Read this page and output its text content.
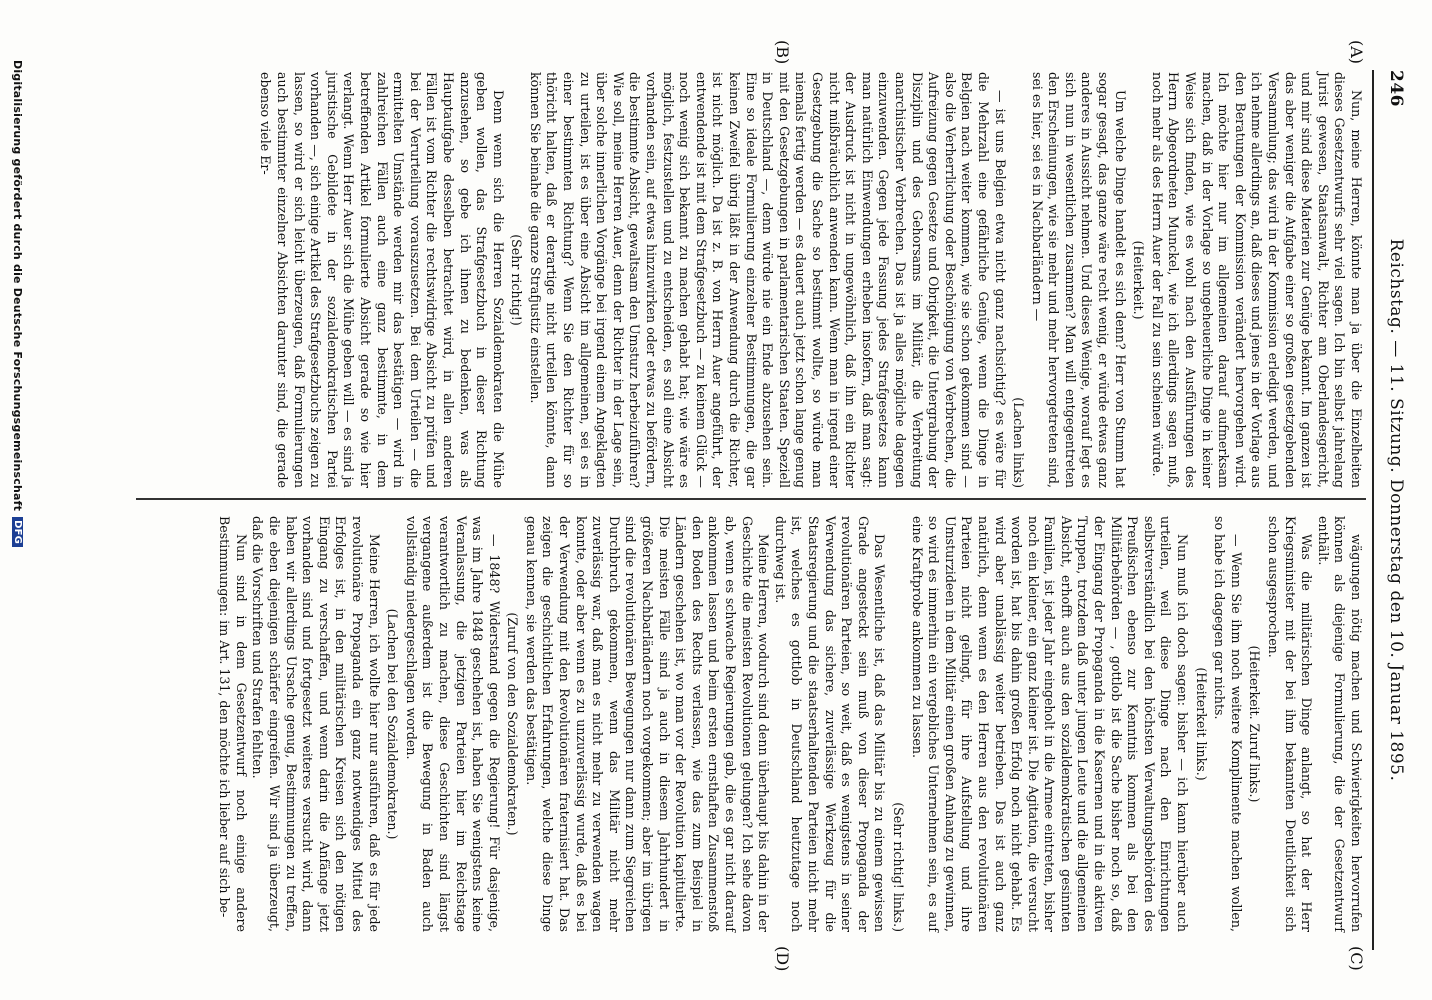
246
Reichstag. — 11. Sitzung. Donnerstag den 10. Januar 1895.
(A)
(B)
(C)
(D)

Nun, meine Herren, könnte man ja über die Einzelheiten dieses Gesetzentwurfs sehr viel sagen. Ich bin selbst jahrelang Jurist gewesen, Staatsanwalt, Richter am Oberlandesgericht, und mir sind diese Materien zur Genüge bekannt. Im ganzen ist das aber weniger die Aufgabe einer so großen gesetzgebenden Versammlung; das wird in der Kommission erledigt werden, und ich nehme allerdings an, daß dieses und jenes in der Vorlage aus den Beratungen der Kommission verändert hervorgehen wird. Ich möchte hier nur im allgemeinen darauf aufmerksam machen, daß in der Vorlage so ungeheuerliche Dinge in keiner Weise sich finden, wie es wohl nach den Ausführungen des Herrn Abgeordneten Munckel, wie ich allerdings sagen muß, noch mehr als des Herrn Auer der Fall zu sein scheinen würde.

(Heiterkeit.)

Um welche Dinge handelt es sich denn? Herr von Stumm hat sogar gesagt, das ganze wäre recht wenig, er würde etwas ganz anderes in Aussicht nehmen. Und dieses Wenige, worauf legt es sich nun in wesentlichen zusammen? Man will entgegentreten den Erscheinungen, wie sie mehr und mehr hervorgetreten sind, sei es hier, sei es in Nachbarländern —

(Lachen links)

— ist uns Belgien etwa nicht ganz nachsichtig? es wäre für die Mehrzahl eine gefährliche Genüge, wenn die Dinge in Belgien nach weiter kommen, wie sie schon gekommen sind — also die Verherrlichung oder Beschönigung von Verbrechen, die Aufreizung gegen Gesetze und Obrigkeit, die Untergrabung der Disziplin und des Gehorsams im Militär, die Verbreitung anarchistischer Verbrechen. Das ist ja alles mögliche dagegen einzuwenden. Gegen jede Fassung jedes Strafgesetzes kann man natürlich Einwendungen erheben insofern, daß man sagt: der Ausdruck ist nicht in ungewöhnlich, daß ihn ein Richter nicht mißbräuchlich anwenden kann. Wenn man in irgend einer Gesetzgebung die Sache so bestimmt wollte, so würde man niemals fertig werden — es dauert auch jetzt schon lange genug mit den Gesetzgebungen in parlamentarischen Staaten. Speziell in Deutschland —, denn würde nie ein Ende abzusehen sein. Eine so ideale Formulierung einzelner Bestimmungen, die gar keinen Zweifel übrig läßt in der Anwendung durch die Richter, ist nicht möglich. Da ist z. B. von Herrn Auer angeführt, der entwendende ist mit dem Strafgesetzbuch — zu keinem Glück — noch wenig sich bekannt zu machen gehabt hat; wie wäre es möglich, festzustellen und zu entscheiden, es soll eine Absicht vorhanden sein, auf etwas hinzuwirken oder etwas zu befördern, die bestimmte Absicht, gewaltsam den Umsturz herbeizuführen? Wie soll, meine Herren Auer, denn der Richter in der Lage sein, über solche innerlichen Vorgänge bei irgend einem Angeklagten zu urteilen, ist es über eine Absicht im allgemeinen, sei es in einer bestimmten Richtung? Wenn Sie den Richter für so thöricht halten, daß er derartige nicht urteilen könnte, dann können Sie beinahe die ganze Strafjustiz einstellen.

(Sehr richtig!)

Denn wenn sich die Herren Sozialdemokraten die Mühe geben wollen, das Strafgesetzbuch in dieser Richtung anzusehen, so gebe ich ihnen zu bedenken, was als Hauptaufgabe desselben betrachtet wird, in allen anderen Fällen ist vom Richter die rechtswidrige Absicht zu prüfen und bei der Verurteilung vorauszusetzen. Bei dem Urteilen — die ermittelten Umstände werden mir das bestätigen — wird in zahlreichen Fällen auch eine ganz bestimmte, in dem betreffenden Artikel formulierte Absicht gerade so wie hier verlangt. Wenn Herr Auer sich die Mühe geben will — es sind ja juristische Gebildete in der sozialdemokratischen Partei vorhanden —, sich einige Artikel des Strafgesetzbuchs zeigen zu lassen, so wird er sich leicht überzeugen, daß Formulierungen auch bestimmter einzelner Absichten darunter sind, die gerade ebenso viele Er-

wägungen nötig machen und Schwierigkeiten hervorrufen können als diejenige Formulierung, die der Gesetzentwurf enthält.

Was die militärischen Dinge anlangt, so hat der Herr Kriegsminister mit der bei ihm bekannten Deutlichkeit sich schon ausgesprochen.

(Heiterkeit. Zuruf links.)

— Wenn Sie ihm noch weitere Komplimente machen wollen, so habe ich dagegen gar nichts.

(Heiterkeit links.)

Nun muß ich doch sagen: bisher — ich kann hierüber auch urteilen, weil diese Dinge nach den Einrichtungen selbstverständlich bei den höchsten Verwaltungsbehörden des Preußischen ebenso zur Kenntnis kommen als bei den Militärbehörden — , gottlob ist die Sache bisher noch so, daß der Eingang der Propaganda in die Kasernen und in die aktiven Truppen, trotzdem daß unter jungen Leute und die allgemeinen Absicht, erhofft auch aus den sozialdemokratischen gesinnten Familien, ist jeder Jahr eingeholt in die Armee eintreten, bisher noch ein kleiner, ein ganz kleiner ist. Die Agitation, die versucht worden ist, hat bis dahin großen Erfolg noch nicht gehabt. Es wird aber unablässig weiter betrieben. Das ist auch ganz natürlich, denn wenn es den Herren aus den revolutionären Parteien nicht gelingt, für ihre Aufstellung und ihre Umsturzideen in dem Militär einen großen Anhang zu gewinnen, so wird es immerhin ein vergebliches Unternehmen sein, es auf eine Kraftprobe ankommen zu lassen.

(Sehr richtig! links.)

Das Wesentliche ist, daß das Militär bis zu einem gewissen Grade angesteckt sein muß von dieser Propaganda der revolutionären Parteien, so weit, daß es wenigstens in seiner Verwendung das sichere, zuverlässige Werkzeug für die Staatsregierung und die staatserhaltenden Parteien nicht mehr ist, welches es gottlob in Deutschland heutzutage noch durchweg ist.

Meine Herren, wodurch sind denn überhaupt bis dahin in der Geschichte die meisten Revolutionen gelungen? Ich sehe davon ab, wenn es schwache Regierungen gab, die es gar nicht darauf ankommen lassen und beim ersten ernsthaften Zusammenstoß den Boden des Rechts verlassen, wie das zum Beispiel in Ländern geschehen ist, wo man vor der Revolution kapitulierte. Die meisten Fälle sind ja auch in diesem Jahrhundert in größeren Nachbarländern noch vorgekommen; aber im übrigen sind die revolutionären Bewegungen nur dann zum Siegreichen Durchbruch gekommen, wenn das Militär nicht mehr zuverlässig war, daß man es nicht mehr zu verwenden wagen konnte, oder aber wenn es zu unzuverlässig wurde, daß es bei der Verwendung mit den Revolutionären fraternisiert hat. Das zeigen die geschichtlichen Erfahrungen, welche diese Dinge genau kennen, sie werden das bestätigen.

(Zuruf von den Sozialdemokraten.)

— 1848? Widerstand gegen die Regierung! Für dasjenige, was im Jahre 1848 geschehen ist, haben Sie wenigstens keine Veranlassung, die jetzigen Parteien hier im Reichstage verantwortlich zu machen, diese Geschichten sind längst vergangene außerdem ist die Bewegung in Baden auch vollständig niedergeschlagen worden.

(Lachen bei den Sozialdemokraten.)

Meine Herren, ich wollte hier nur ausführen, daß es für jede revolutionäre Propaganda ein ganz notwendiges Mittel des Erfolges ist, in den militärischen Kreisen sich den nötigen Eingang zu verschaffen, und wenn darin die Anfänge jetzt vorhanden sind und fortgesetzt weiteres versucht wird, dann haben wir allerdings Ursache genug, Bestimmungen zu treffen, die eben diejenigen schärfer eingreifen. Wir sind ja überzeugt, daß die Vorschriften und Strafen fehlten.

Nun sind in dem Gesetzentwurf noch einige andere Bestimmungen: im Art. 131, den möchte ich lieber auf sich be-

Digitalisierung gefördert durch die Deutsche ForschungsgemeinschaftDFG
